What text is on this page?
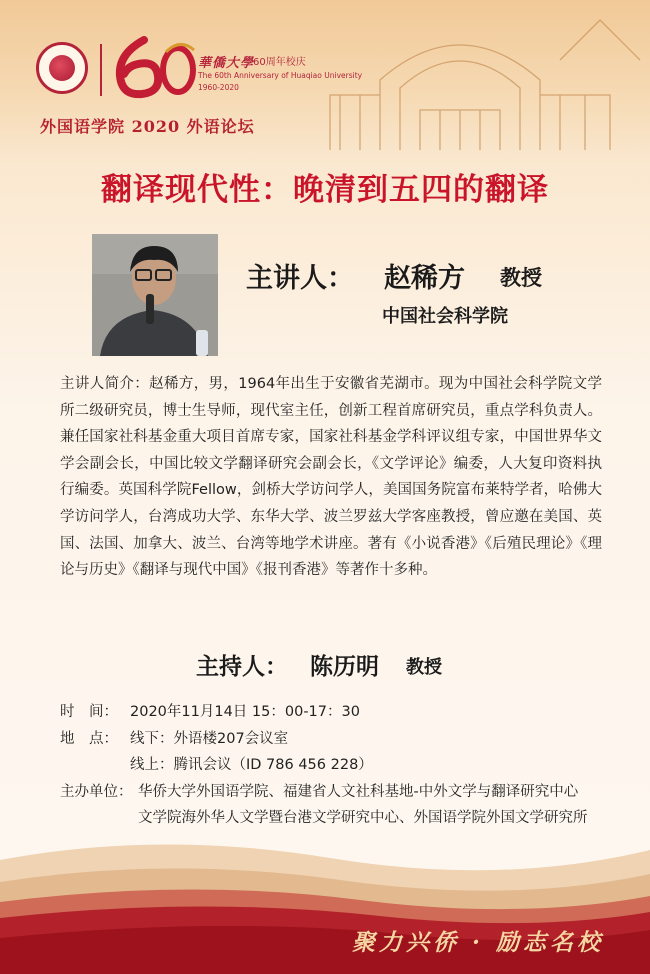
華僑大學
60周年校庆
The 60th Anniversary of Huaqiao University
1960-2020
外国语学院 2020 外语论坛
翻译现代性：晚清到五四的翻译
主讲人： 赵稀方 教授
中国社会科学院
主讲人简介：赵稀方，男，1964年出生于安徽省芜湖市。现为中国社会科学院文学所二级研究员，博士生导师，现代室主任，创新工程首席研究员，重点学科负责人。兼任国家社科基金重大项目首席专家，国家社科基金学科评议组专家，中国世界华文学会副会长，中国比较文学翻译研究会副会长，《文学评论》编委，人大复印资料执行编委。英国科学院Fellow，剑桥大学访问学人，美国国务院富布莱特学者，哈佛大学访问学人，台湾成功大学、东华大学、波兰罗兹大学客座教授，曾应邀在美国、英国、法国、加拿大、波兰、台湾等地学术讲座。著有《小说香港》《后殖民理论》《理论与历史》《翻译与现代中国》《报刊香港》等著作十多种。
主持人： 陈历明 教授
时　间： 2020年11月14日 15：00-17：30
地　点： 线下：外语楼207会议室
线上：腾讯会议（ID 786 456 228）
主办单位： 华侨大学外国语学院、福建省人文社科基地-中外文学与翻译研究中心
文学院海外华人文学暨台港文学研究中心、外国语学院外国文学研究所
聚力兴侨 · 励志名校
